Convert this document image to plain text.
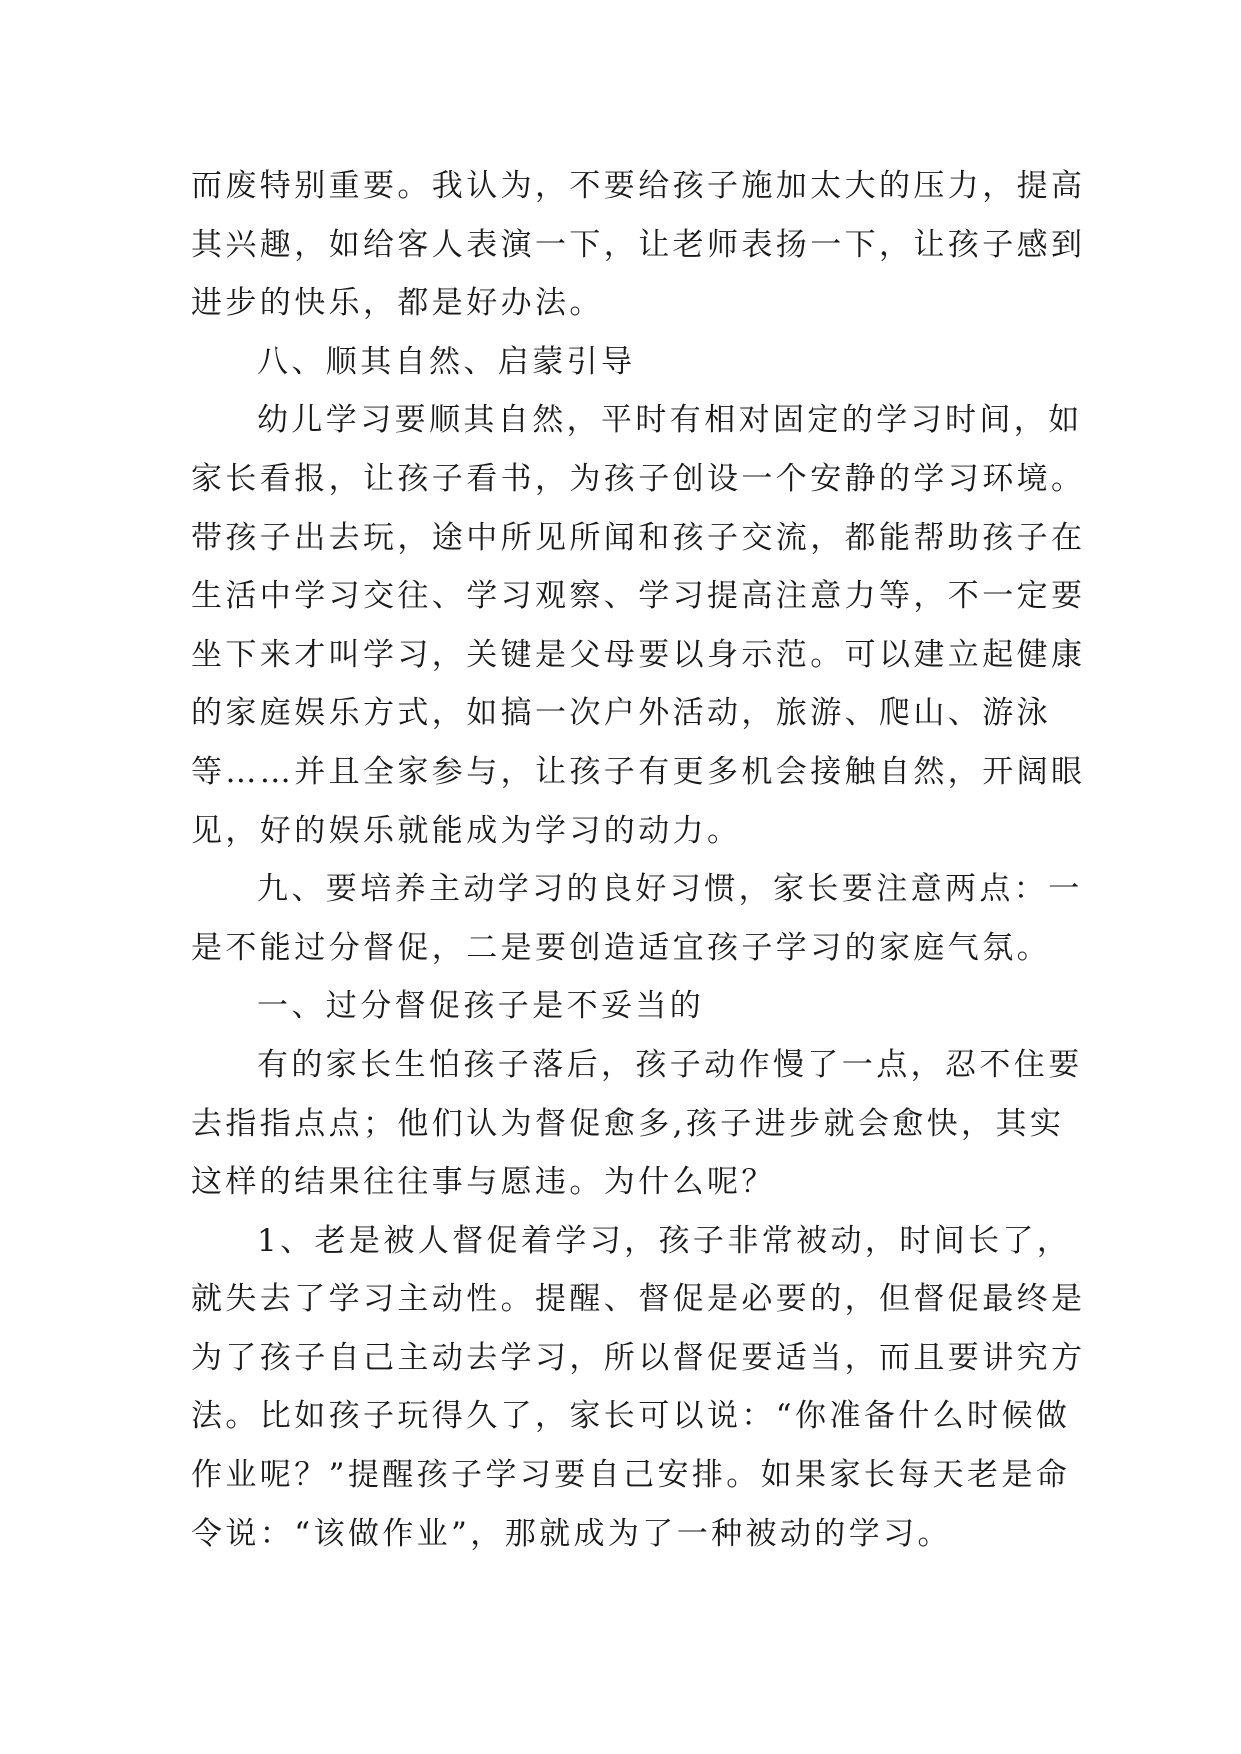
而废特别重要。我认为，不要给孩子施加太大的压力，提高
其兴趣，如给客人表演一下，让老师表扬一下，让孩子感到
进步的快乐，都是好办法。
八、顺其自然、启蒙引导
幼儿学习要顺其自然，平时有相对固定的学习时间，如
家长看报，让孩子看书，为孩子创设一个安静的学习环境。
带孩子出去玩，途中所见所闻和孩子交流，都能帮助孩子在
生活中学习交往、学习观察、学习提高注意力等，不一定要
坐下来才叫学习，关键是父母要以身示范。可以建立起健康
的家庭娱乐方式，如搞一次户外活动，旅游、爬山、游泳
等……并且全家参与，让孩子有更多机会接触自然，开阔眼
见，好的娱乐就能成为学习的动力。
九、要培养主动学习的良好习惯，家长要注意两点：一
是不能过分督促，二是要创造适宜孩子学习的家庭气氛。
一、过分督促孩子是不妥当的
有的家长生怕孩子落后，孩子动作慢了一点，忍不住要
去指指点点；他们认为督促愈多,孩子进步就会愈快，其实
这样的结果往往事与愿违。为什么呢？
1、老是被人督促着学习，孩子非常被动，时间长了，
就失去了学习主动性。提醒、督促是必要的，但督促最终是
为了孩子自己主动去学习，所以督促要适当，而且要讲究方
法。比如孩子玩得久了，家长可以说：“你准备什么时候做
作业呢？”提醒孩子学习要自己安排。如果家长每天老是命
令说：“该做作业”，那就成为了一种被动的学习。
